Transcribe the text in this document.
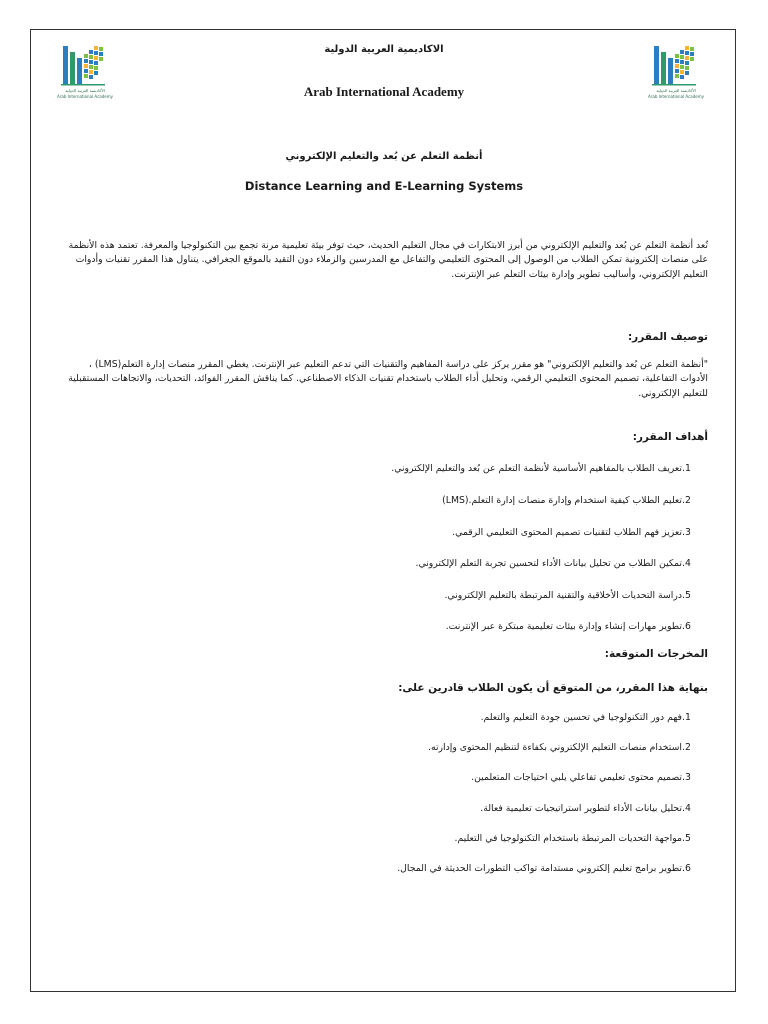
الأكاديمية العربية الدولية
Arab International Academy
الأكاديمية العربية الدولية
Arab International Academy
الاكاديمية العربية الدولية
Arab International Academy
أنظمة التعلم عن بُعد والتعليم الإلكتروني
Distance Learning and E-Learning Systems
تُعد أنظمة التعلم عن بُعد والتعليم الإلكتروني من أبرز الابتكارات في مجال التعليم الحديث، حيث توفر بيئة تعليمية مرنة تجمع بين التكنولوجيا والمعرفة. تعتمد هذه الأنظمة على منصات إلكترونية تمكن الطلاب من الوصول إلى المحتوى التعليمي والتفاعل مع المدرسين والزملاء دون التقيد بالموقع الجغرافي. يتناول هذا المقرر تقنيات وأدوات التعليم الإلكتروني، وأساليب تطوير وإدارة بيئات التعلم عبر الإنترنت.
توصيف المقرر:
"أنظمة التعلم عن بُعد والتعليم الإلكتروني" هو مقرر يركز على دراسة المفاهيم والتقنيات التي تدعم التعليم عبر الإنترنت. يغطي المقرر منصات إدارة التعلم(LMS) ، الأدوات التفاعلية، تصميم المحتوى التعليمي الرقمي، وتحليل أداء الطلاب باستخدام تقنيات الذكاء الاصطناعي. كما يناقش المقرر الفوائد، التحديات، والاتجاهات المستقبلية للتعليم الإلكتروني.
أهداف المقرر:
1.تعريف الطلاب بالمفاهيم الأساسية لأنظمة التعلم عن بُعد والتعليم الإلكتروني.
2.تعليم الطلاب كيفية استخدام وإدارة منصات إدارة التعلم.(LMS)
3.تعزيز فهم الطلاب لتقنيات تصميم المحتوى التعليمي الرقمي.
4.تمكين الطلاب من تحليل بيانات الأداء لتحسين تجربة التعلم الإلكتروني.
5.دراسة التحديات الأخلاقية والتقنية المرتبطة بالتعليم الإلكتروني.
6.تطوير مهارات إنشاء وإدارة بيئات تعليمية مبتكرة عبر الإنترنت.
المخرجات المتوقعة:
بنهاية هذا المقرر، من المتوقع أن يكون الطلاب قادرين على:
1.فهم دور التكنولوجيا في تحسين جودة التعليم والتعلم.
2.استخدام منصات التعليم الإلكتروني بكفاءة لتنظيم المحتوى وإدارته.
3.تصميم محتوى تعليمي تفاعلي يلبي احتياجات المتعلمين.
4.تحليل بيانات الأداء لتطوير استراتيجيات تعليمية فعالة.
5.مواجهة التحديات المرتبطة باستخدام التكنولوجيا في التعليم.
6.تطوير برامج تعليم إلكتروني مستدامة تواكب التطورات الحديثة في المجال.
